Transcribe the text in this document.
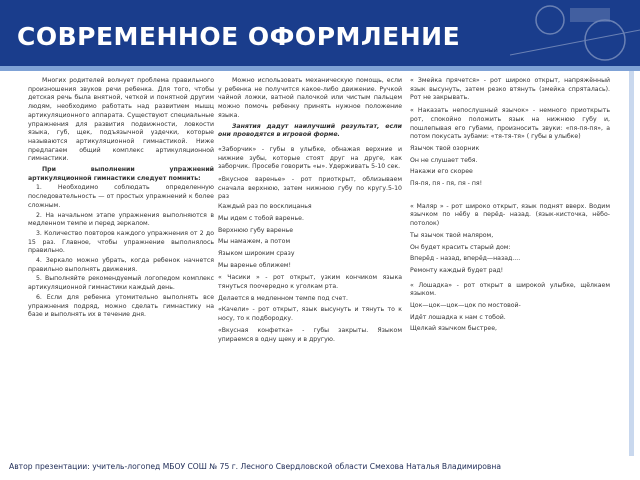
СОВРЕМЕННОЕ ОФОРМЛЕНИЕ

Многих родителей волнует проблема правильного произношения звуков речи ребенка. Для того, чтобы детская речь была внятной, четкой и понятной другим людям, необходимо работать над развитием мышц артикуляционного аппарата. Существуют специальные упражнения для развития подвижности, ловкости языка, губ, щек, подъязычной уздечки, которые называются артикуляционной гимнастикой. Ниже предлагаем общий комплекс артикуляционной гимнастики.

При выполнении упражнений артикуляционной гимнастики следует помнить:

1. Необходимо соблюдать определенную последовательность — от простых упражнений к более сложным.

2. На начальном этапе упражнения выполняются в медленном темпе и перед зеркалом.

3. Количество повторов каждого упражнения от 2 до 15 раз. Главное, чтобы упражнение выполнялось правильно.

4. Зеркало можно убрать, когда ребенок начнется правильно выполнять движения.

5. Выполняйте рекомендуемый логопедом комплекс артикуляционной гимнастики каждый день.

6. Если для ребенка утомительно выполнять все упражнения подряд, можно сделать гимнастику на базе и выполнять их в течение дня.

Можно использовать механическую помощь, если у ребенка не получится какое-либо движение. Ручкой чайной ложки, ватной палочкой или чистым пальцем можно помочь ребенку принять нужное положение языка.

Занятия дадут наилучший результат, если они проводятся в игровой форме.

«Заборчик» - губы в улыбке, обнажая верхние и нижние зубы, которые стоят друг на друге, как заборчик. Просебе говорить «ы». Удерживать 5-10 сек.

«Вкусное варенье» - рот приоткрыт, облизываем сначала верхнюю, затем нижнюю губу по кругу.5-10 раз

Каждый раз по восклицанья

Мы идем с тобой варенье.

Верхнюю губу варенье

Мы намажем, а потом

Языком широким сразу

Мы варенье оближем!

« Часики » - рот открыт, узким кончиком языка тянуться поочередно к уголкам рта.

Делается в медленном темпе под счет.

«Качели» - рот открыт, язык высунуть и тянуть то к носу, то к подбородку.

«Вкусная конфетка» - губы закрыты. Языком упираемся в одну щеку и в другую.

« Змейка прячется» - рот широко открыт, напряжённый язык высунуть, затем резко втянуть (змейка спряталась). Рот не закрывать.

« Наказать непослушный язычок» - немного приоткрыть рот, спокойно положить язык на нижнюю губу и, пошлепывая его губами, произносить звуки: «пя-пя-пя», а потом покусать зубами: «тя-тя-тя» ( губы в улыбке)

Язычок твой озорник

Он не слушает тебя.

Накажи его скорее

Пя-пя, пя - пя, пя - пя!

« Маляр » - рот широко открыт, язык поднят вверх. Водим язычком по нёбу в перёд- назад. (язык-кисточка, нёбо-потолок)

Ты язычок твой маляром,

Он будет красить старый дом:

Вперёд - назад, вперёд—назад....

Ремонту каждый будет рад!

« Лошадка» - рот открыт в широкой улыбке, щёлкаем языком.

Цок—цок—цок—цок по мостовой-

Идёт лошадка к нам с тобой.

Щелкай язычком быстрее,

Автор презентации: учитель-логопед МБОУ СОШ № 75 г. Лесного Свердловской области Смехова Наталья Владимировна
